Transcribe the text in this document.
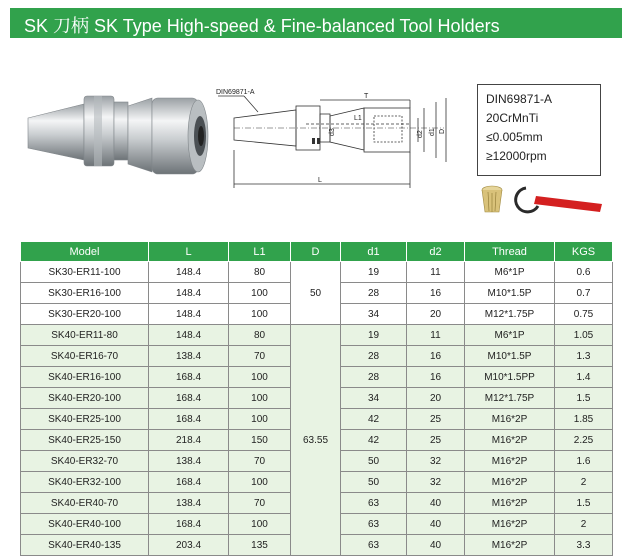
SK 刀柄 SK Type High-speed & Fine-balanced Tool Holders
DIN69871-A
T
L1
d3	d2 d1 D
L
DIN69871-A
20CrMnTi
≤0.005mm
≥12000rpm
Model	L	L1	D	d1	d2	Thread	KGS
SK30-ER11-100	148.4	80	50	19	11	M6*1P	0.6
SK30-ER16-100	148.4	100		28	16	M10*1.5P	0.7
SK30-ER20-100	148.4	100		34	20	M12*1.75P	0.75
SK40-ER11-80	148.4	80	63.55	19	11	M6*1P	1.05
SK40-ER16-70	138.4	70		28	16	M10*1.5P	1.3
SK40-ER16-100	168.4	100		28	16	M10*1.5PP	1.4
SK40-ER20-100	168.4	100		34	20	M12*1.75P	1.5
SK40-ER25-100	168.4	100		42	25	M16*2P	1.85
SK40-ER25-150	218.4	150		42	25	M16*2P	2.25
SK40-ER32-70	138.4	70		50	32	M16*2P	1.6
SK40-ER32-100	168.4	100		50	32	M16*2P	2
SK40-ER40-70	138.4	70		63	40	M16*2P	1.5
SK40-ER40-100	168.4	100		63	40	M16*2P	2
SK40-ER40-135	203.4	135		63	40	M16*2P	3.3
